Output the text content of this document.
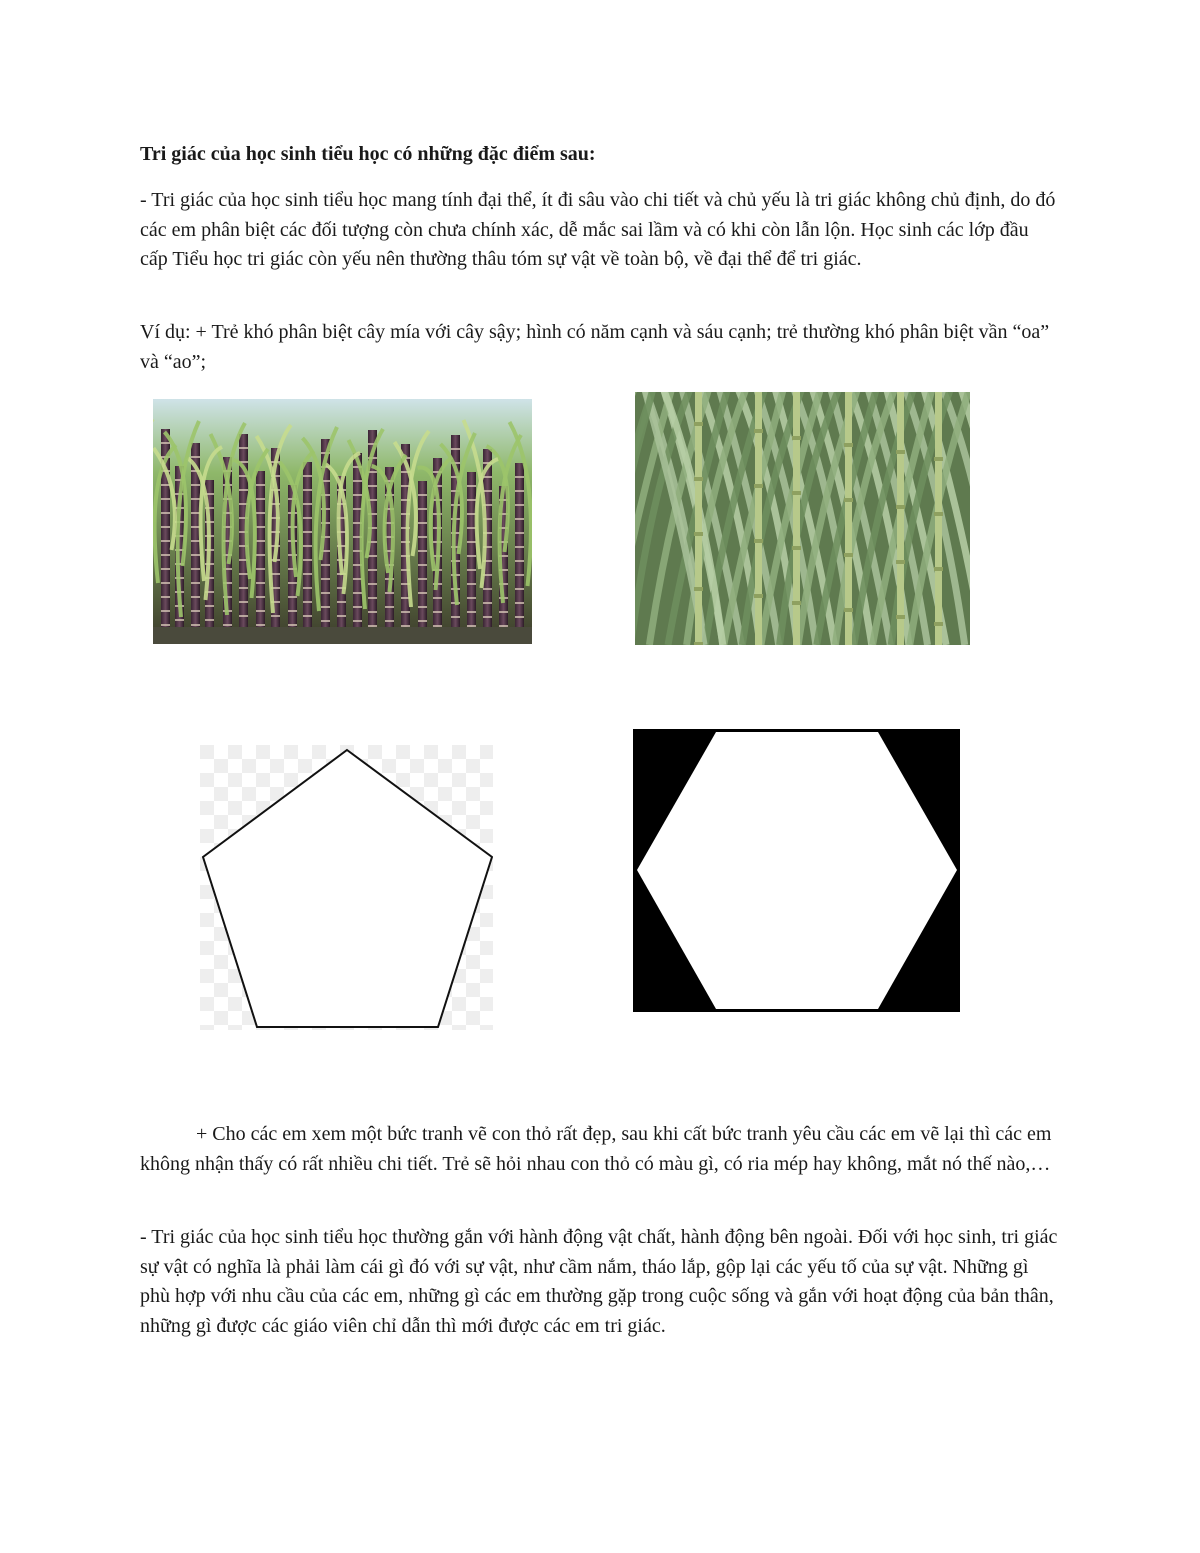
Tri giác của học sinh tiểu học có những đặc điểm sau:

- Tri giác của học sinh tiểu học mang tính đại thể, ít đi sâu vào chi tiết và chủ yếu là tri giác không chủ định, do đó các em phân biệt các đối tượng còn chưa chính xác, dễ mắc sai lầm và có khi còn lẫn lộn. Học sinh các lớp đầu cấp Tiểu học tri giác còn yếu nên thường thâu tóm sự vật về toàn bộ, về đại thể để tri giác.

Ví dụ: + Trẻ khó phân biệt cây mía với cây sậy; hình có năm cạnh và sáu cạnh; trẻ thường khó phân biệt vần “oa” và “ao”;

+ Cho các em xem một bức tranh vẽ con thỏ rất đẹp, sau khi cất bức tranh yêu cầu các em vẽ lại thì các em không nhận thấy có rất nhiều chi tiết. Trẻ sẽ hỏi nhau con thỏ có màu gì, có ria mép hay không, mắt nó thế nào,…

- Tri giác của học sinh tiểu học thường gắn với hành động vật chất, hành động bên ngoài. Đối với học sinh, tri giác sự vật có nghĩa là phải làm cái gì đó với sự vật, như cầm nắm, tháo lắp, gộp lại các yếu tố của sự vật. Những gì phù hợp với nhu cầu của các em, những gì các em thường gặp trong cuộc sống và gắn với hoạt động của bản thân, những gì được các giáo viên chỉ dẫn thì mới được các em tri giác.
